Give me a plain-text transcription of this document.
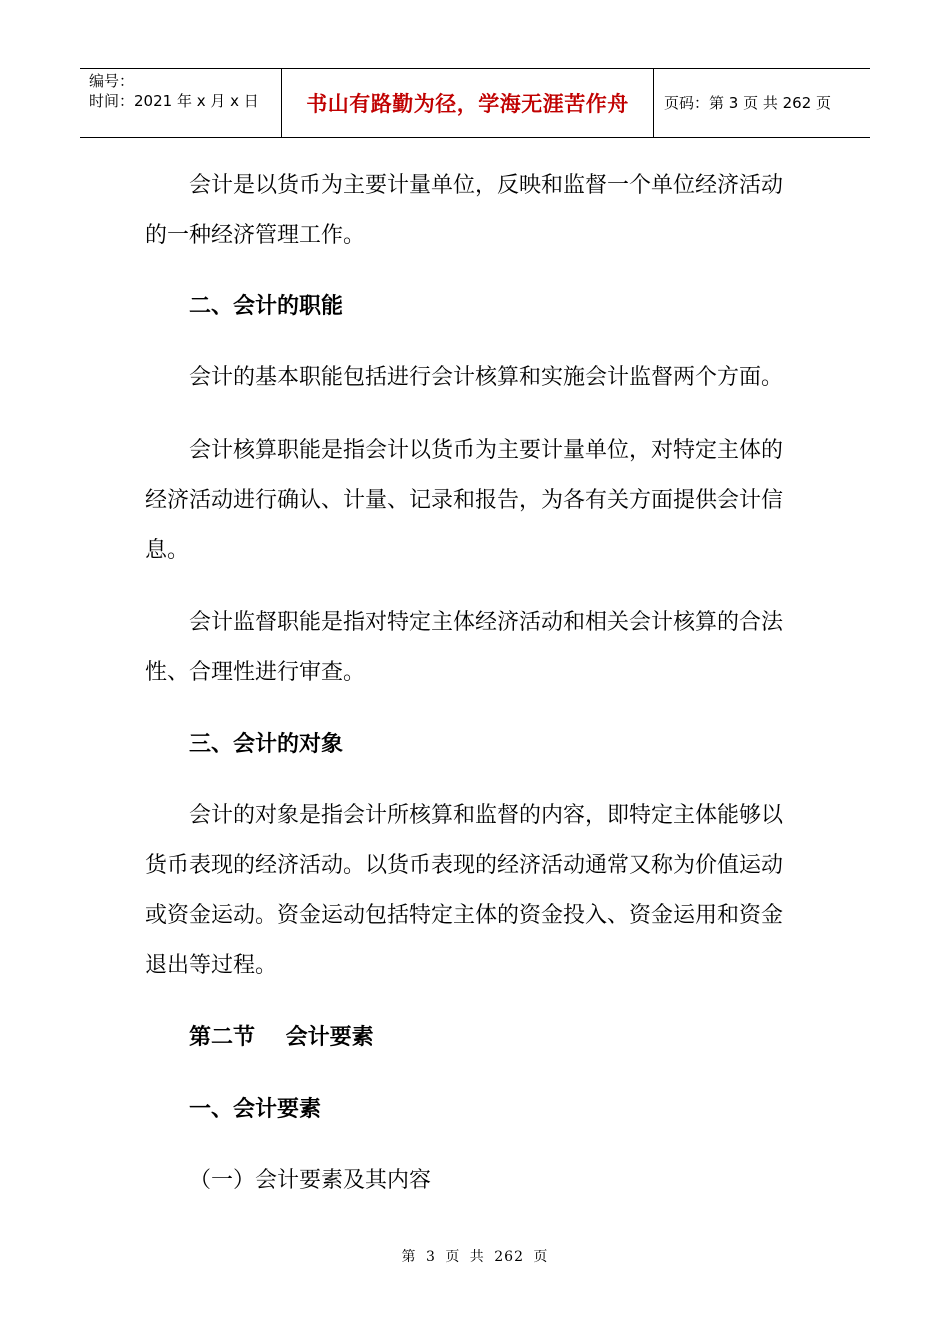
编号：
时间：2021 年 x 月 x 日 书山有路勤为径，学海无涯苦作舟 页码：第 3 页 共 262 页

会计是以货币为主要计量单位，反映和监督一个单位经济活动的一种经济管理工作。

二、会计的职能

会计的基本职能包括进行会计核算和实施会计监督两个方面。

会计核算职能是指会计以货币为主要计量单位，对特定主体的经济活动进行确认、计量、记录和报告，为各有关方面提供会计信息。

会计监督职能是指对特定主体经济活动和相关会计核算的合法性、合理性进行审查。

三、会计的对象

会计的对象是指会计所核算和监督的内容，即特定主体能够以货币表现的经济活动。以货币表现的经济活动通常又称为价值运动或资金运动。资金运动包括特定主体的资金投入、资金运用和资金退出等过程。

第二节    会计要素

一、会计要素

（一）会计要素及其内容

第 3 页 共 262 页
